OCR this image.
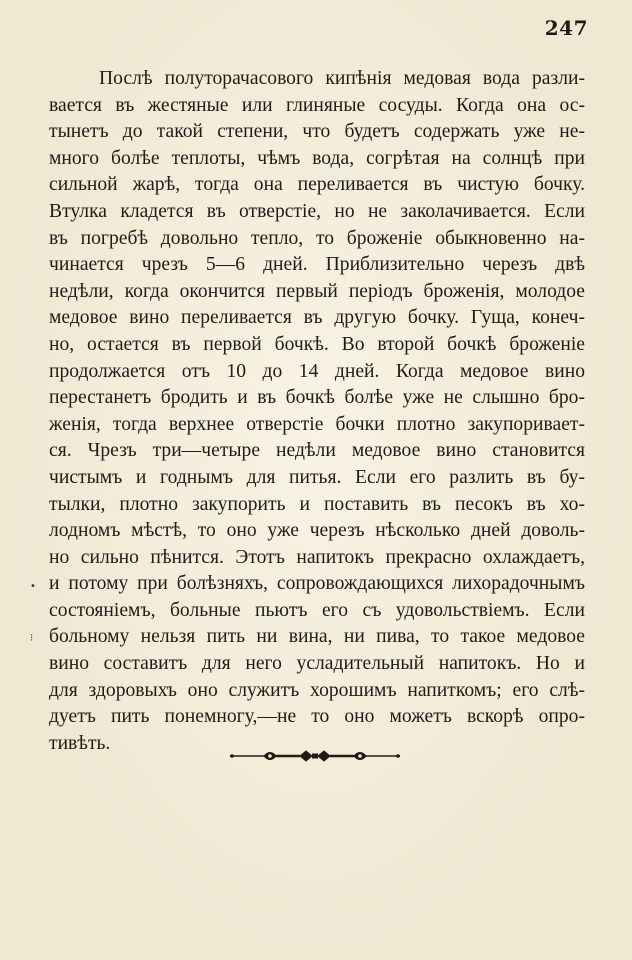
247
Послѣ полуторачасового кипѣнія медовая вода разли-
вается въ жестяные или глиняные сосуды. Когда она ос-
тынетъ до такой степени, что будетъ содержать уже не-
много болѣе теплоты, чѣмъ вода, согрѣтая на солнцѣ при
сильной жарѣ, тогда она переливается въ чистую бочку.
Втулка кладется въ отверстіе, но не заколачивается. Если
въ погребѣ довольно тепло, то броженіе обыкновенно на-
чинается чрезъ 5—6 дней. Приблизительно черезъ двѣ
недѣли, когда окончится первый періодъ броженія, молодое
медовое вино переливается въ другую бочку. Гуща, конеч-
но, остается въ первой бочкѣ. Во второй бочкѣ броженіе
продолжается отъ 10 до 14 дней. Когда медовое вино
перестанетъ бродить и въ бочкѣ болѣе уже не слышно бро-
женія, тогда верхнее отверстіе бочки плотно закупоривает-
ся. Чрезъ три—четыре недѣли медовое вино становится
чистымъ и годнымъ для питья. Если его разлить въ бу-
тылки, плотно закупорить и поставить въ песокъ въ хо-
лодномъ мѣстѣ, то оно уже черезъ нѣсколько дней доволь-
но сильно пѣнится. Этотъ напитокъ прекрасно охлаждаетъ,
и потому при болѣзняхъ, сопровождающихся лихорадочнымъ
состояніемъ, больные пьютъ его съ удовольствіемъ. Если
больному нельзя пить ни вина, ни пива, то такое медовое
вино составитъ для него усладительный напитокъ. Но и
для здоровыхъ оно служитъ хорошимъ напиткомъ; его слѣ-
дуетъ пить понемногу,—не то оно можетъ вскорѣ опро-
тивѣть.
•
⁝
